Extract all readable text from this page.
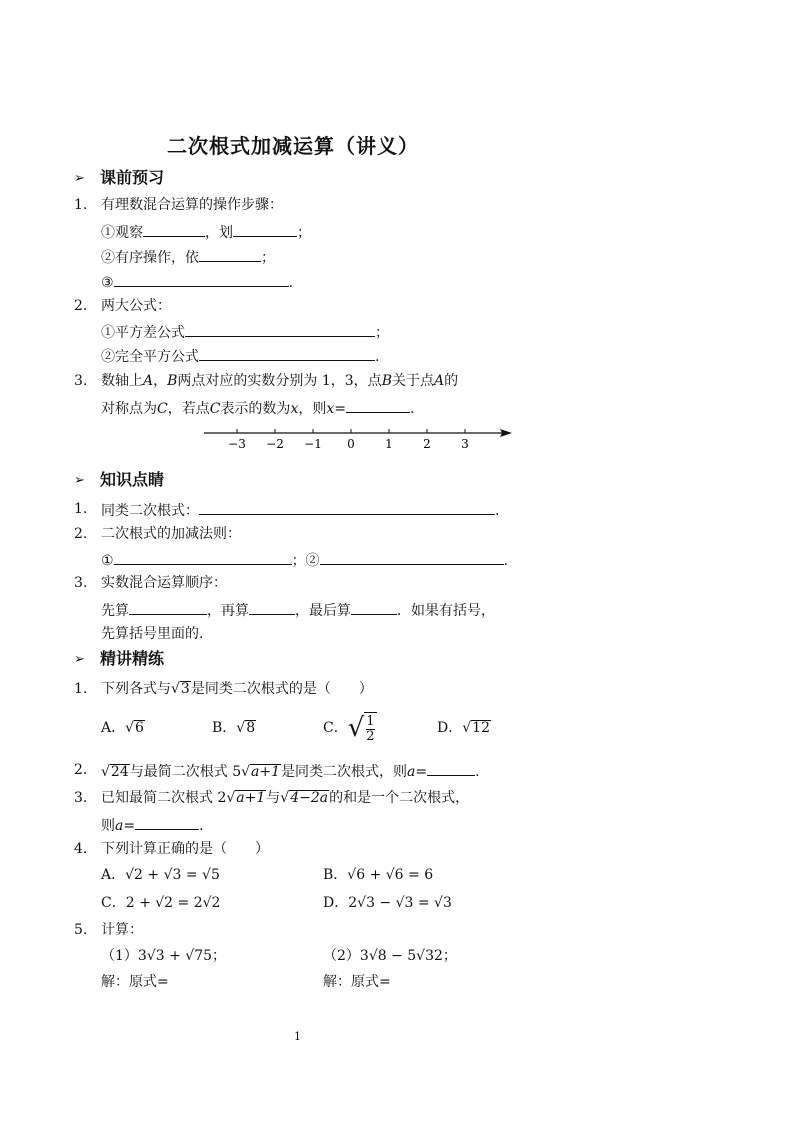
二次根式加减运算（讲义）
➢ 课前预习
1. 有理数混合运算的操作步骤：
①观察	，划	；
②有序操作，依	；
③	.
2. 两大公式：
①平方差公式	；
②完全平方公式	.
3. 数轴上A，B两点对应的实数分别为 1，3，点B关于点A的
对称点为C，若点C表示的数为x，则x=	.
−3 −2 −1 0	1	2	3
➢ 知识点睛
1. 同类二次根式：	.
2. 二次根式的加减法则：
①	；②	.
3. 实数混合运算顺序：
先算	，再算	，最后算	．如果有括号，
先算括号里面的.
➢ 精讲精练
1. 下列各式与√3是同类二次根式的是（　　）
A．√6	B．√8	C．√ $\frac{1}{2}$	D．√12
2. √24与最简二次根式 5√a+1是同类二次根式，则a=	.
3. 已知最简二次根式 2√a+1与√4−2a的和是一个二次根式，
则a=	.
4. 下列计算正确的是（　　）
A．√2 + √3 = √5	B．√6 + √6 = 6
C．2 + √2 = 2√2	D．2√3 − √3 = √3
5. 计算：
（1）3√3 + √75；	（2）3√8 − 5√32；
解：原式=	解：原式=
1
